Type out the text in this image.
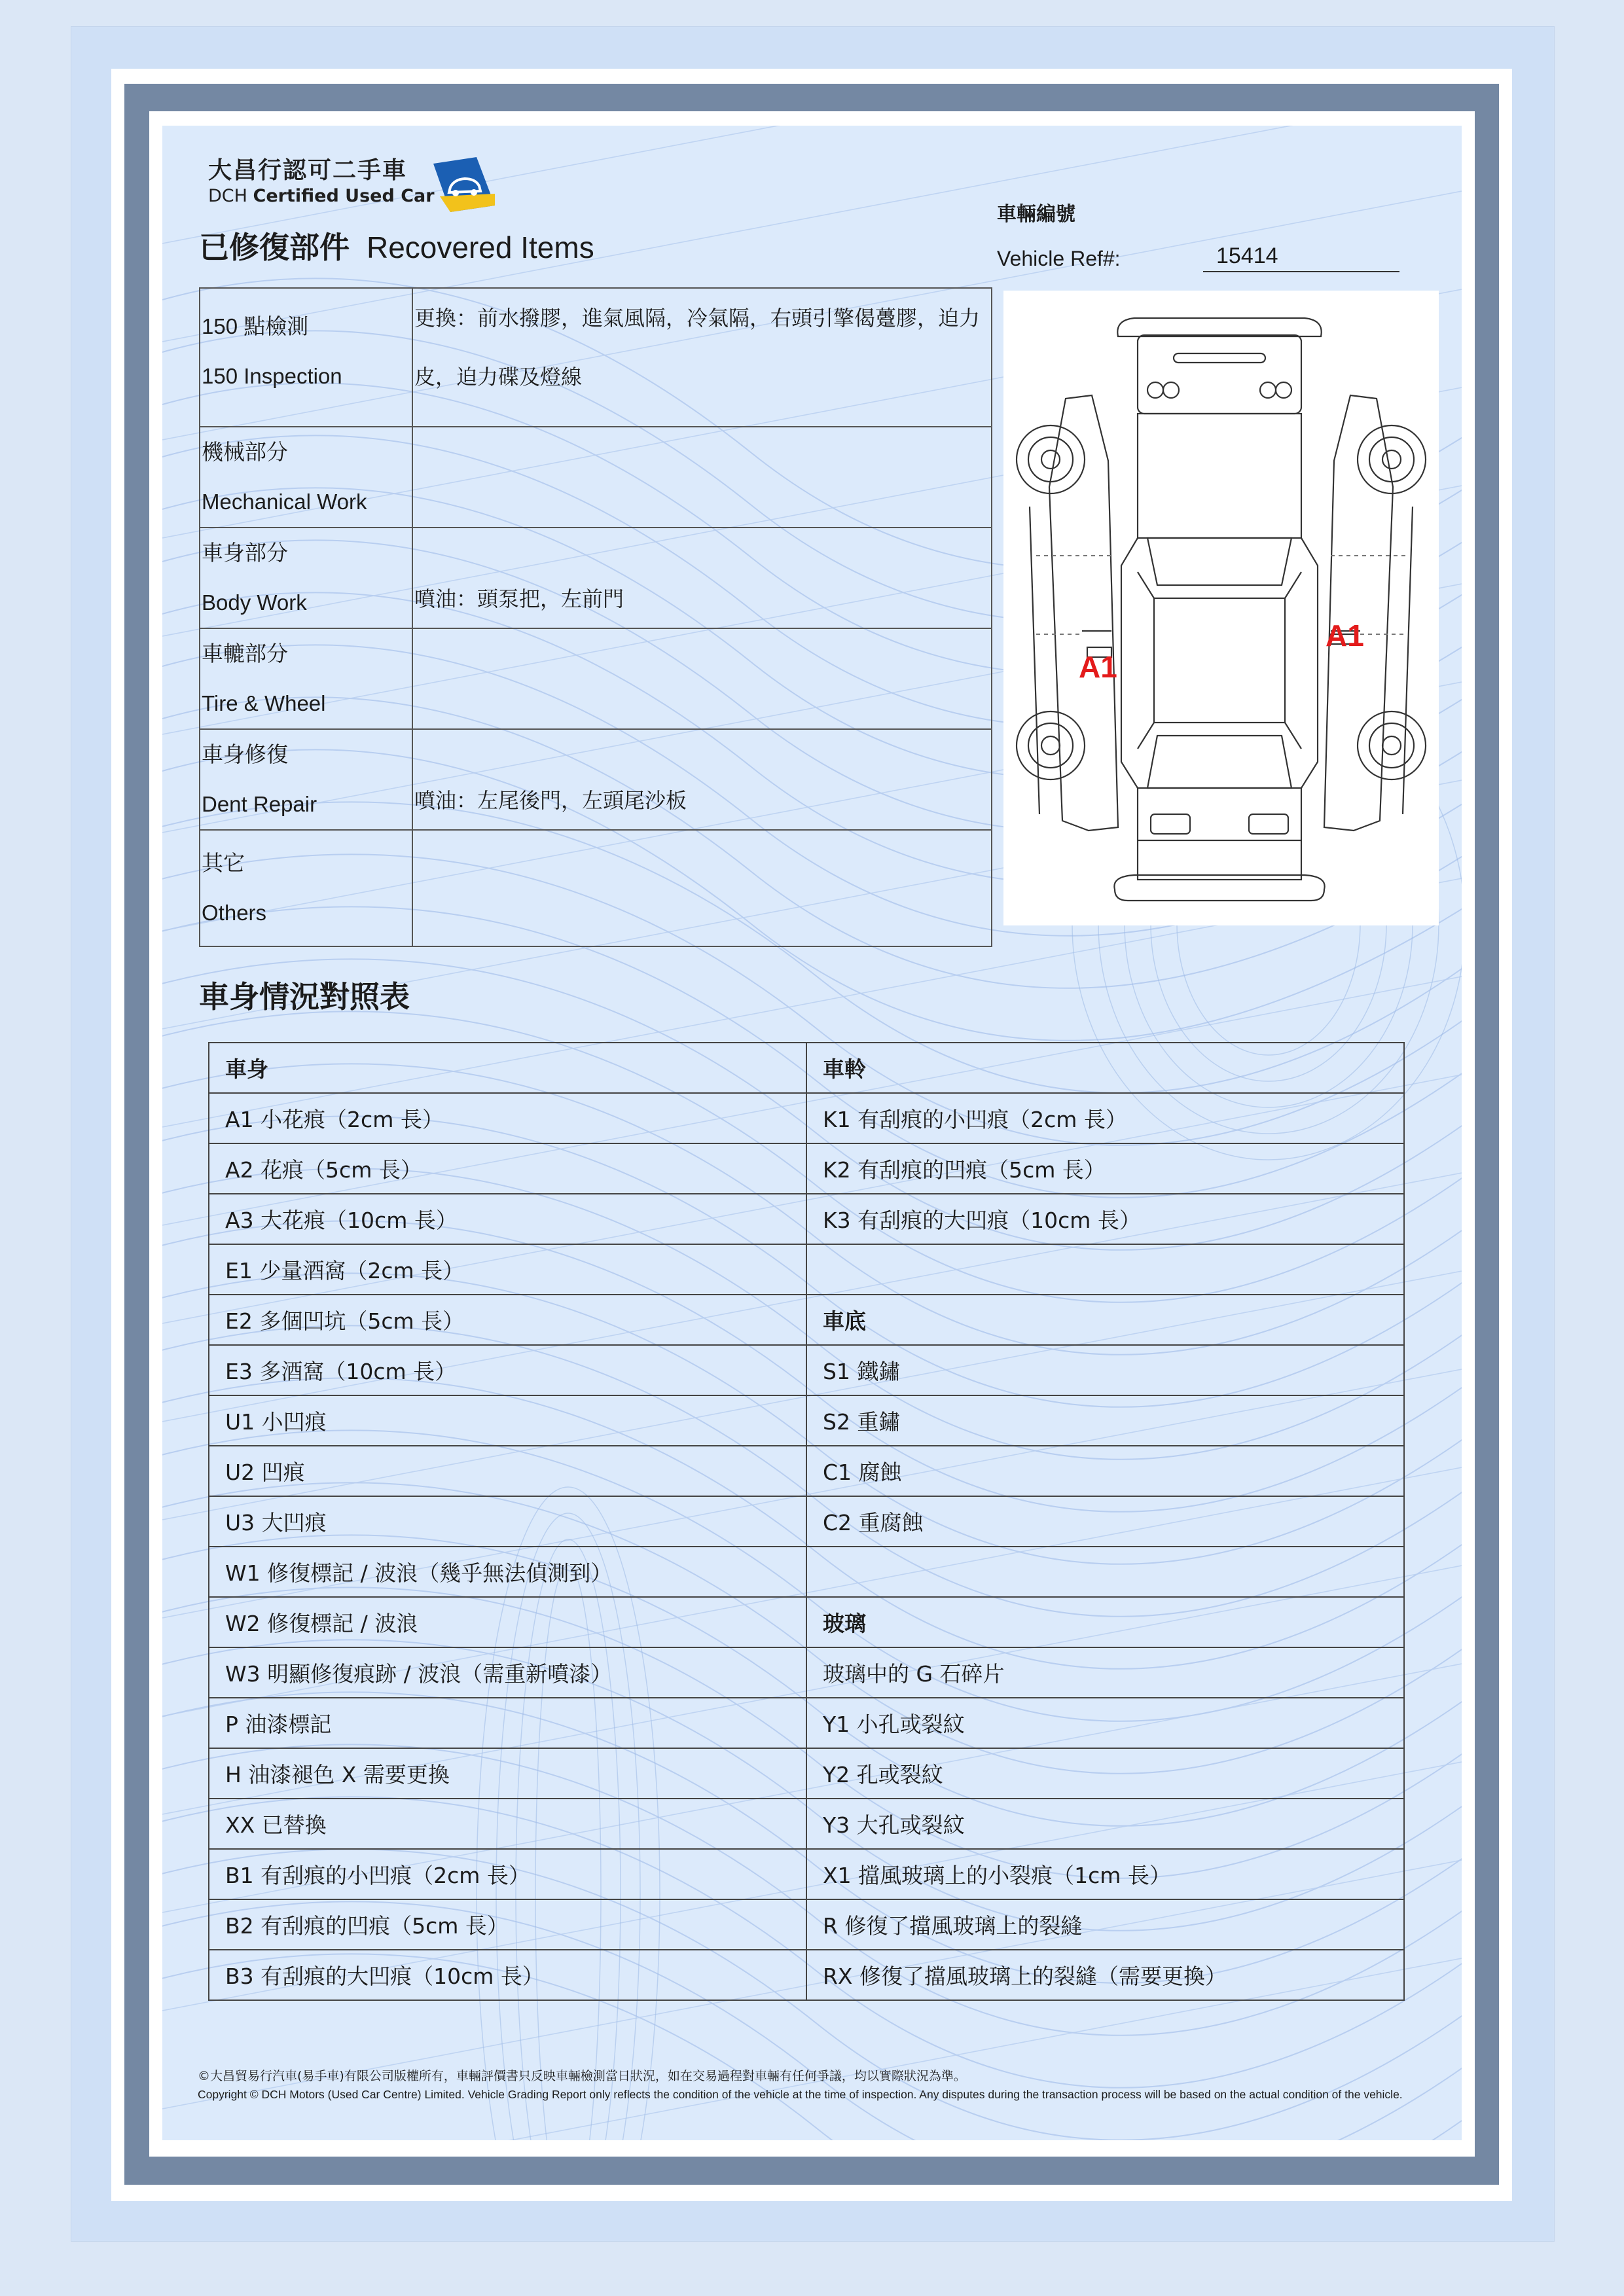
大昌行認可二手車
DCH Certified Used Car
已修復部件 Recovered Items
車輛編號
Vehicle Ref#:	15414
150 點檢測
150 Inspection	更換：前水撥膠，進氣風隔，冷氣隔，右頭引擎偈躉膠，迫力皮，迫力碟及燈線

機械部分
Mechanical Work	

車身部分
Body Work	噴油：頭泵把，左前門

車轆部分
Tire & Wheel	

車身修復
Dent Repair	噴油：左尾後門，左頭尾沙板

其它
Others	

A1
A1
車身情況對照表
車身	車軨
A1 小花痕（2cm 長）	K1 有刮痕的小凹痕（2cm 長）
A2 花痕（5cm 長）	K2 有刮痕的凹痕（5cm 長）
A3 大花痕（10cm 長）	K3 有刮痕的大凹痕（10cm 長）
E1 少量酒窩（2cm 長）	
E2 多個凹坑（5cm 長）	車底
E3 多酒窩（10cm 長）	S1 鐵鏽
U1 小凹痕	S2 重鏽
U2 凹痕	C1 腐蝕
U3 大凹痕	C2 重腐蝕
W1 修復標記 / 波浪（幾乎無法偵測到）	
W2 修復標記 / 波浪	玻璃
W3 明顯修復痕跡 / 波浪（需重新噴漆）	玻璃中的 G 石碎片
P 油漆標記	Y1 小孔或裂紋
H 油漆褪色 X 需要更換	Y2 孔或裂紋
XX 已替換	Y3 大孔或裂紋
B1 有刮痕的小凹痕（2cm 長）	X1 擋風玻璃上的小裂痕（1cm 長）
B2 有刮痕的凹痕（5cm 長）	R 修復了擋風玻璃上的裂縫
B3 有刮痕的大凹痕（10cm 長）	RX 修復了擋風玻璃上的裂縫（需要更換）
©大昌貿易行汽車(易手車)有限公司版權所有，車輛評價書只反映車輛檢測當日狀況，如在交易過程對車輛有任何爭議，均以實際狀況為準。
Copyright © DCH Motors (Used Car Centre) Limited. Vehicle Grading Report only reflects the condition of the vehicle at the time of inspection. Any disputes during the transaction process will be based on the actual condition of the vehicle.
